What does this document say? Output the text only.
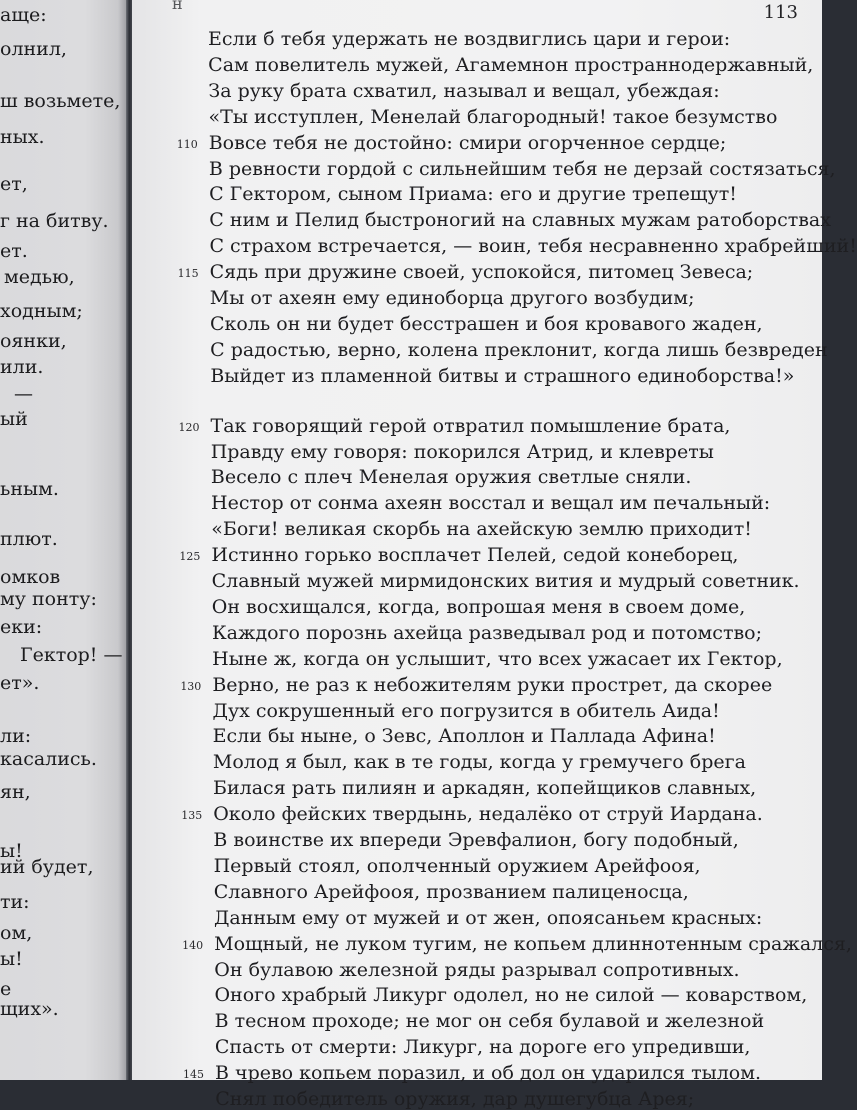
аще:
олнил,
ш возьмете,
ных.
ет,
г на битву.
ет.
медью,
ходным;
оянки,
или.
—
ый
ьным.
плют.
омков
му понту:
еки:
Гектор! —
ет».
ли:
касались.
ян,
ы!
ий будет,
ти:
ом,
ы!
е
щих».
н	113
Если б тебя удержать не воздвиглись цари и герои:
Сам повелитель мужей, Агамемнон пространнодержавный,
За руку брата схватил, называл и вещал, убеждая:
«Ты исступлен, Менелай благородный! такое безумство
Вовсе тебя не достойно: смири огорченное сердце;
110
В ревности гордой с сильнейшим тебя не дерзай состязаться,
С Гектором, сыном Приама: его и другие трепещут!
С ним и Пелид быстроногий на славных мужам ратоборствах
С страхом встречается, — воин, тебя несравненно храбрейший!
Сядь при дружине своей, успокойся, питомец Зевеса;
115
Мы от ахеян ему единоборца другого возбудим;
Сколь он ни будет бесстрашен и боя кровавого жаден,
С радостью, верно, колена преклонит, когда лишь безвреден
Выйдет из пламенной битвы и страшного единоборства!»
Так говорящий герой отвратил помышление брата,
120
Правду ему говоря: покорился Атрид, и клевреты
Весело с плеч Менелая оружия светлые сняли.
Нестор от сонма ахеян восстал и вещал им печальный:
«Боги! великая скорбь на ахейскую землю приходит!
Истинно горько восплачет Пелей, седой конеборец,
125
Славный мужей мирмидонских вития и мудрый советник.
Он восхищался, когда, вопрошая меня в своем доме,
Каждого порознь ахейца разведывал род и потомство;
Ныне ж, когда он услышит, что всех ужасает их Гектор,
Верно, не раз к небожителям руки прострет, да скорее
130
Дух сокрушенный его погрузится в обитель Аида!
Если бы ныне, о Зевс, Аполлон и Паллада Афина!
Молод я был, как в те годы, когда у гремучего брега
Билася рать пилиян и аркадян, копейщиков славных,
Около фейских твердынь, недалёко от струй Иардана.
135
В воинстве их впереди Эревфалион, богу подобный,
Первый стоял, ополченный оружием Арейфооя,
Славного Арейфооя, прозванием палиценосца,
Данным ему от мужей и от жен, опоясаньем красных:
Мощный, не луком тугим, не копьем длиннотенным сражался,
140
Он булавою железной ряды разрывал сопротивных.
Оного храбрый Ликург одолел, но не силой — коварством,
В тесном проходе; не мог он себя булавой и железной
Спасть от смерти: Ликург, на дороге его упредивши,
В чрево копьем поразил, и об дол он ударился тылом.
145
Снял победитель оружия, дар душегубца Арея;
